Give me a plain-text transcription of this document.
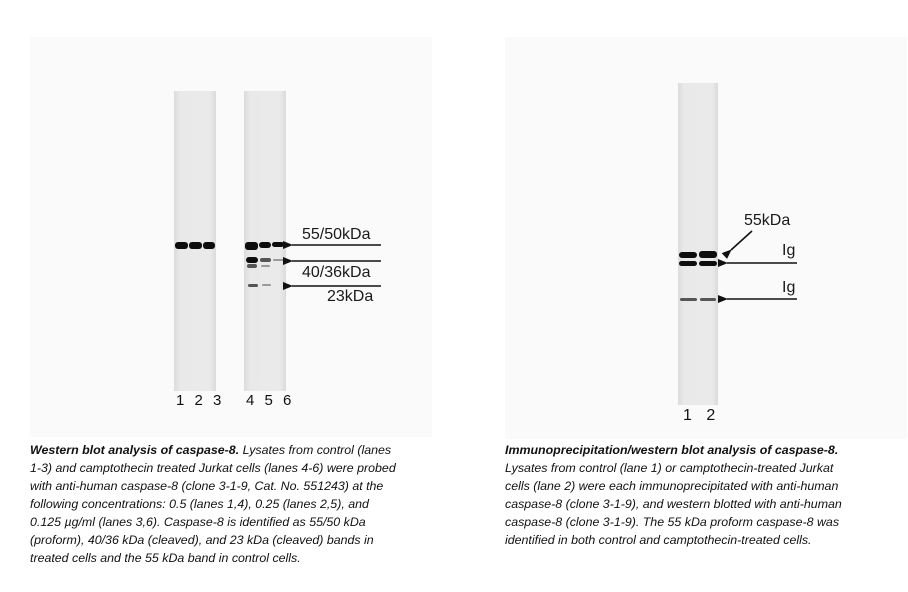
55/50kDa
40/36kDa
23kDa
1 2 3 4 5 6
55kDa
Ig
Ig
1 2
Western blot analysis of caspase-8. Lysates from control (lanes 1-3) and camptothecin treated Jurkat cells (lanes 4-6) were probed with anti-human caspase-8 (clone 3-1-9, Cat. No. 551243) at the following concentrations: 0.5 (lanes 1,4), 0.25 (lanes 2,5), and 0.125 µg/ml (lanes 3,6). Caspase-8 is identified as 55/50 kDa (proform), 40/36 kDa (cleaved), and 23 kDa (cleaved) bands in treated cells and the 55 kDa band in control cells.
Immunoprecipitation/western blot analysis of caspase-8. Lysates from control (lane 1) or camptothecin-treated Jurkat cells (lane 2) were each immunoprecipitated with anti-human caspase-8 (clone 3-1-9), and western blotted with anti-human caspase-8 (clone 3-1-9). The 55 kDa proform caspase-8 was identified in both control and camptothecin-treated cells.
